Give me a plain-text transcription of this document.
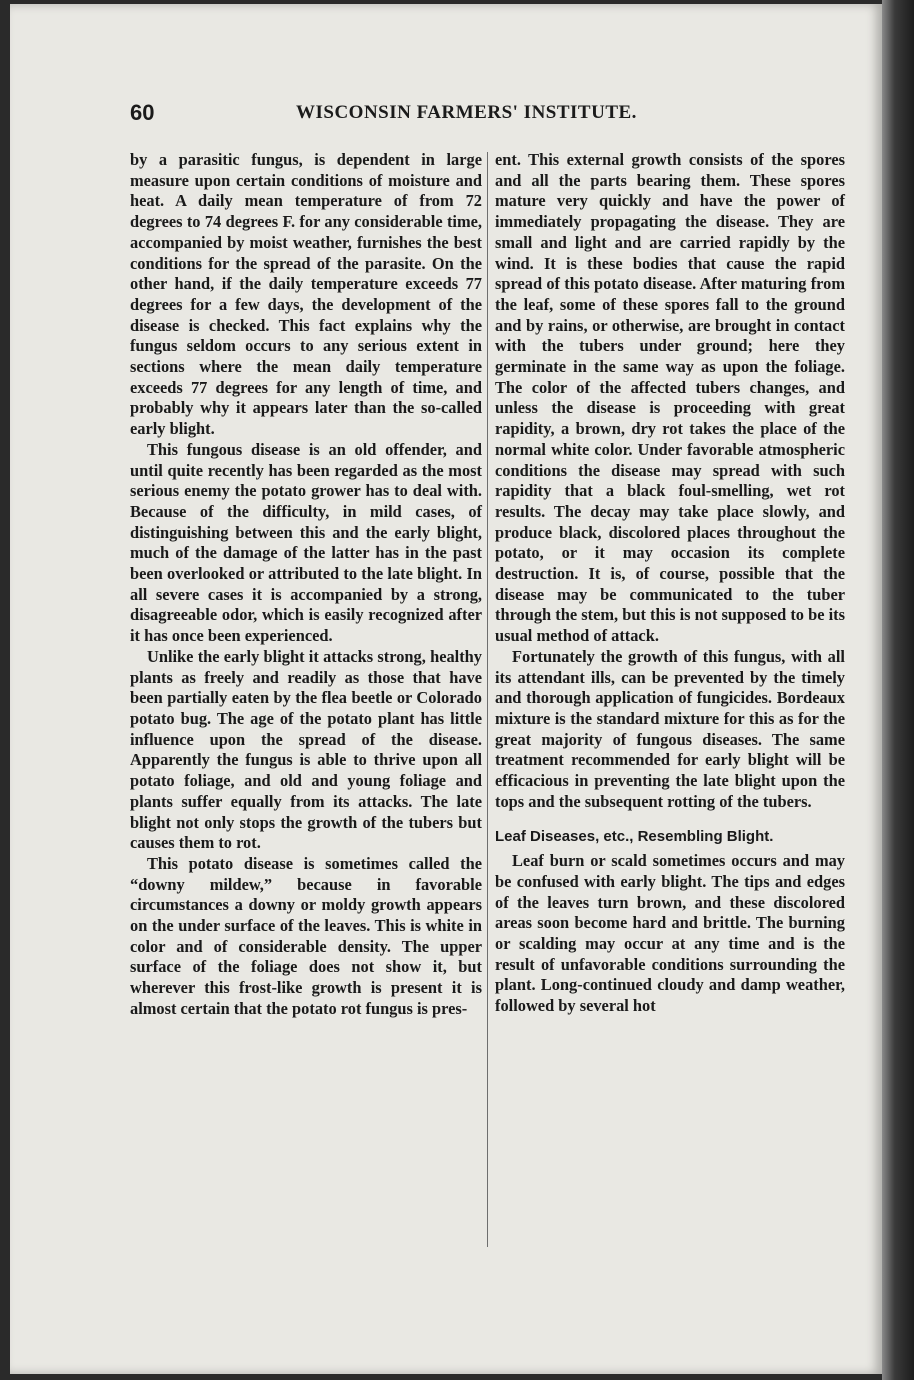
60	WISCONSIN FARMERS' INSTITUTE.

by a parasitic fungus, is dependent in large measure upon certain conditions of moisture and heat. A daily mean temperature of from 72 degrees to 74 degrees F. for any considerable time, accompanied by moist weather, furnishes the best conditions for the spread of the parasite. On the other hand, if the daily temperature exceeds 77 degrees for a few days, the development of the disease is checked. This fact explains why the fungus seldom occurs to any serious extent in sections where the mean daily temperature exceeds 77 degrees for any length of time, and probably why it appears later than the so-called early blight.

This fungous disease is an old offender, and until quite recently has been regarded as the most serious enemy the potato grower has to deal with. Because of the difficulty, in mild cases, of distinguishing between this and the early blight, much of the damage of the latter has in the past been overlooked or attributed to the late blight. In all severe cases it is accompanied by a strong, disagreeable odor, which is easily recognized after it has once been experienced.

Unlike the early blight it attacks strong, healthy plants as freely and readily as those that have been partially eaten by the flea beetle or Colorado potato bug. The age of the potato plant has little influence upon the spread of the disease. Apparently the fungus is able to thrive upon all potato foliage, and old and young foliage and plants suffer equally from its attacks. The late blight not only stops the growth of the tubers but causes them to rot.

This potato disease is sometimes called the “downy mildew,” because in favorable circumstances a downy or moldy growth appears on the under surface of the leaves. This is white in color and of considerable density. The upper surface of the foliage does not show it, but wherever this frost-like growth is present it is almost certain that the potato rot fungus is pres-

ent. This external growth consists of the spores and all the parts bearing them. These spores mature very quickly and have the power of immediately propagating the disease. They are small and light and are carried rapidly by the wind. It is these bodies that cause the rapid spread of this potato disease. After maturing from the leaf, some of these spores fall to the ground and by rains, or otherwise, are brought in contact with the tubers under ground; here they germinate in the same way as upon the foliage. The color of the affected tubers changes, and unless the disease is proceeding with great rapidity, a brown, dry rot takes the place of the normal white color. Under favorable atmospheric conditions the disease may spread with such rapidity that a black foul-smelling, wet rot results. The decay may take place slowly, and produce black, discolored places throughout the potato, or it may occasion its complete destruction. It is, of course, possible that the disease may be communicated to the tuber through the stem, but this is not supposed to be its usual method of attack.

Fortunately the growth of this fungus, with all its attendant ills, can be prevented by the timely and thorough application of fungicides. Bordeaux mixture is the standard mixture for this as for the great majority of fungous diseases. The same treatment recommended for early blight will be efficacious in preventing the late blight upon the tops and the subsequent rotting of the tubers.

Leaf Diseases, etc., Resembling Blight.

Leaf burn or scald sometimes occurs and may be confused with early blight. The tips and edges of the leaves turn brown, and these discolored areas soon become hard and brittle. The burning or scalding may occur at any time and is the result of unfavorable conditions surrounding the plant. Long-continued cloudy and damp weather, followed by several hot
